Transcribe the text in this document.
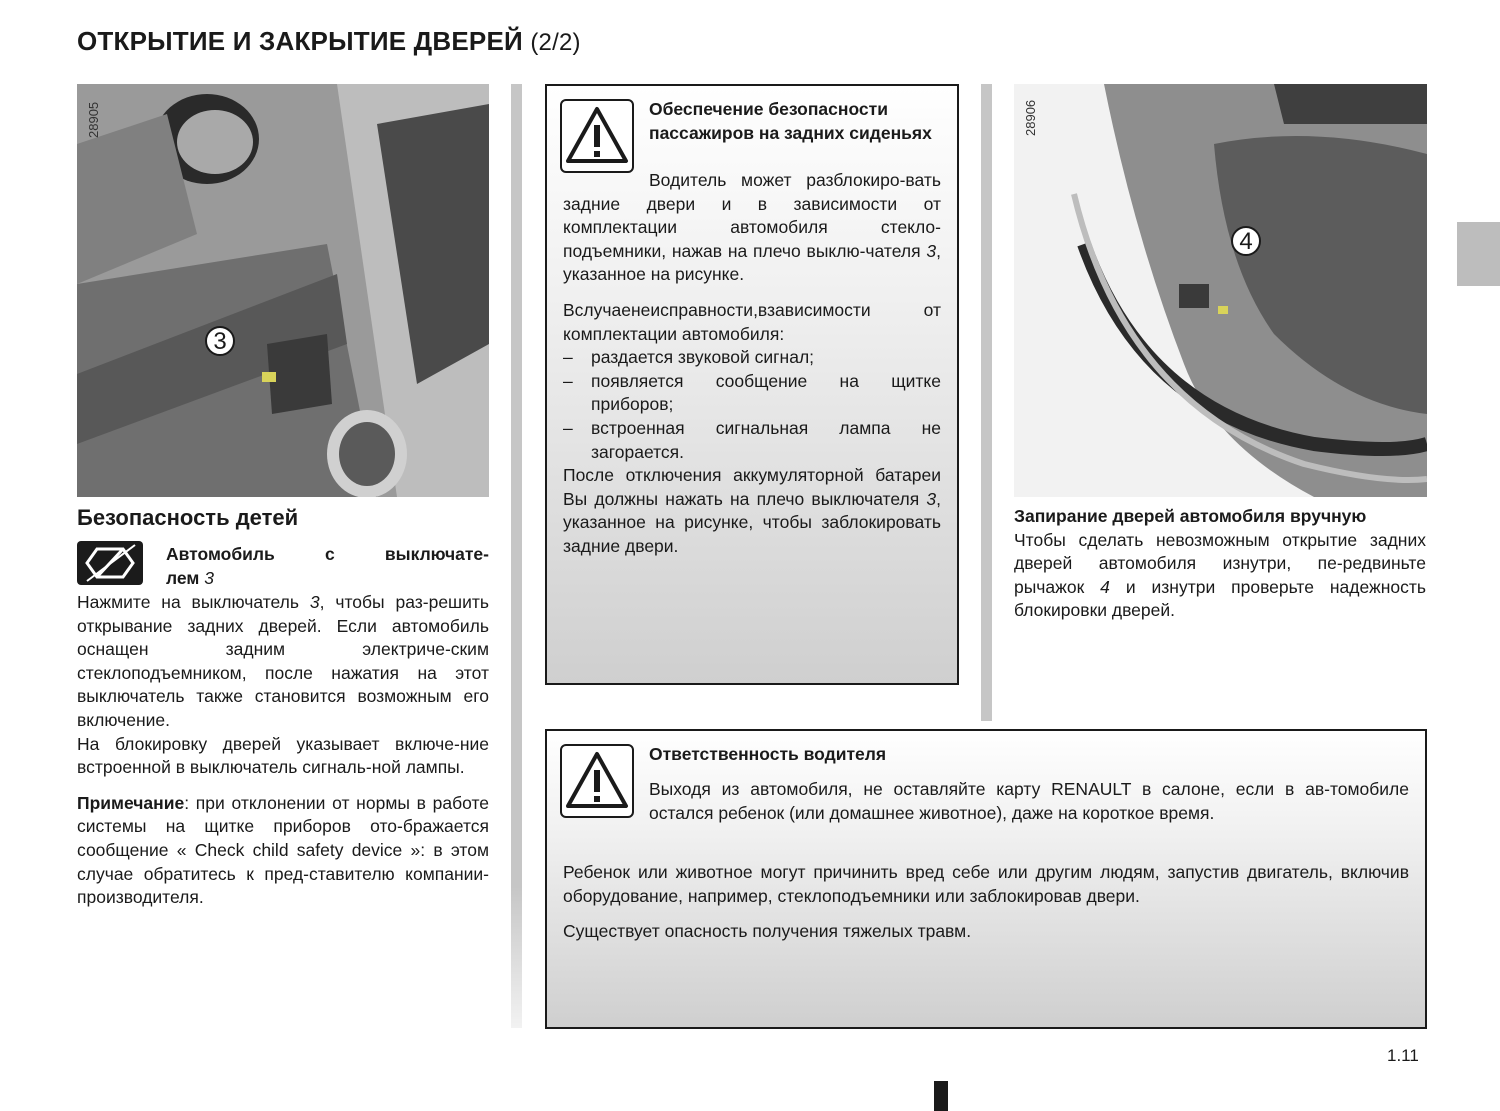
ОТКРЫТИЕ И ЗАКРЫТИЕ ДВЕРЕЙ (2/2)
3
28905
Безопасность детей
Автомобиль с выключате-
лем 3

Нажмите на выключатель 3, чтобы раз-решить открывание задних дверей. Если автомобиль оснащен задним электриче-ским стеклоподъемником, после нажатия на этот выключатель также становится возможным его включение.

На блокировку дверей указывает включе-ние встроенной в выключатель сигналь-ной лампы.

Примечание: при отклонении от нормы в работе системы на щитке приборов ото-бражается сообщение « Check child safety device »: в этом случае обратитесь к пред-ставителю компании-производителя.

Обеспечение безопасности пассажиров на задних сиденьях

Водитель может разблокиро-вать задние двери и в зависимости от комплектации автомобиля стекло-подъемники, нажав на плечо выклю-чателя 3, указанное на рисунке.

Вслучаенеисправности,взависимости от комплектации автомобиля:

–	раздается звуковой сигнал;
–	появляется сообщение на щитке приборов;
–	встроенная сигнальная лампа не загорается.

После отключения аккумуляторной батареи Вы должны нажать на плечо выключателя 3, указанное на рисунке, чтобы заблокировать задние двери.

4
28906

Запирание дверей автомобиля вручную

Чтобы сделать невозможным открытие задних дверей автомобиля изнутри, пе-редвиньте рычажок 4 и изнутри проверьте надежность блокировки дверей.

Ответственность водителя
Выходя из автомобиля, не оставляйте карту RENAULT в салоне, если в ав-томобиле остался ребенок (или домашнее животное), даже на короткое время.

Ребенок или животное могут причинить вред себе или другим людям, запустив двигатель, включив оборудование, например, стеклоподъемники или заблокировав двери.

Существует опасность получения тяжелых травм.

1.11
